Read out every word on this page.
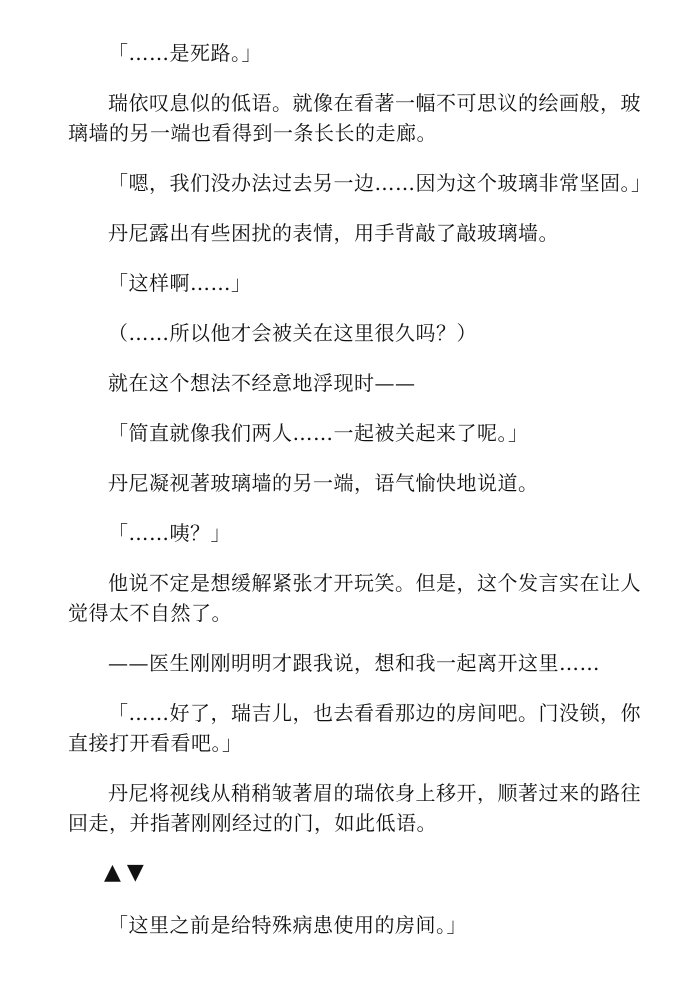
「……是死路。」

瑞依叹息似的低语。就像在看著一幅不可思议的绘画般，玻璃墙的另一端也看得到一条长长的走廊。

「嗯，我们没办法过去另一边……因为这个玻璃非常坚固。」

丹尼露出有些困扰的表情，用手背敲了敲玻璃墙。

「这样啊……」

（……所以他才会被关在这里很久吗？）

就在这个想法不经意地浮现时——

「简直就像我们两人……一起被关起来了呢。」

丹尼凝视著玻璃墙的另一端，语气愉快地说道。

「……咦？」

他说不定是想缓解紧张才开玩笑。但是，这个发言实在让人觉得太不自然了。

——医生刚刚明明才跟我说，想和我一起离开这里……

「……好了，瑞吉儿，也去看看那边的房间吧。门没锁，你直接打开看看吧。」

丹尼将视线从稍稍皱著眉的瑞依身上移开，顺著过来的路往回走，并指著刚刚经过的门，如此低语。

▲▼

「这里之前是给特殊病患使用的房间。」
